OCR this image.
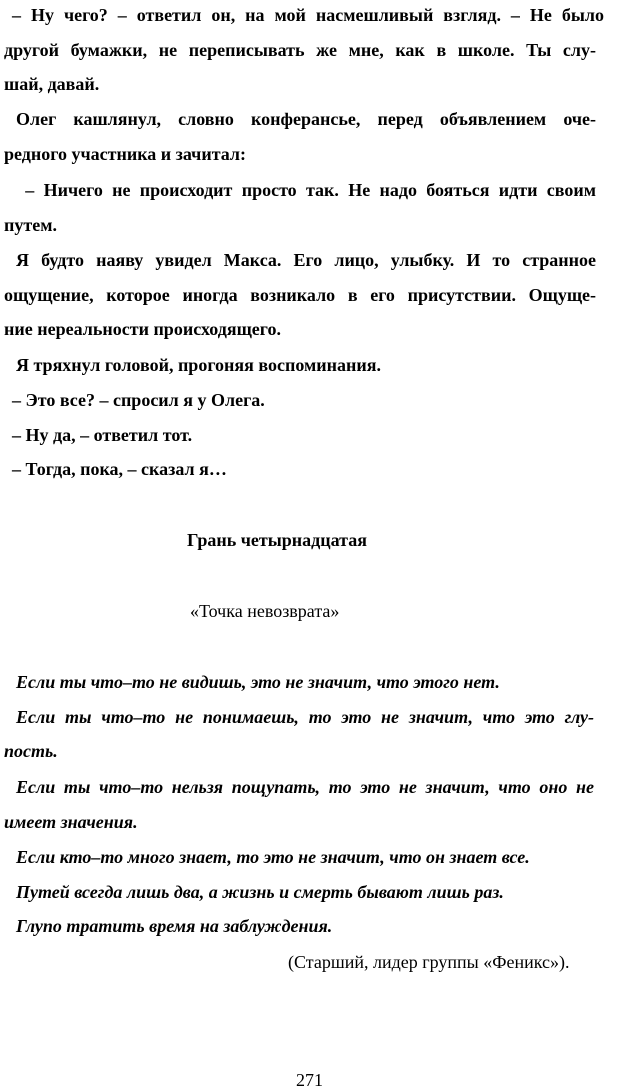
– Ну чего? – ответил он, на мой насмешливый взгляд. – Не было
другой бумажки, не переписывать же мне, как в школе. Ты слу-
шай, давай.
Олег кашлянул, словно конферансье, перед объявлением оче-
редного участника и зачитал:
– Ничего не происходит просто так. Не надо бояться идти своим
путем.
Я будто наяву увидел Макса. Его лицо, улыбку. И то странное
ощущение, которое иногда возникало в его присутствии. Ощуще-
ние нереальности происходящего.
Я тряхнул головой, прогоняя воспоминания.
– Это все? – спросил я у Олега.
– Ну да, – ответил тот.
– Тогда, пока, – сказал я…
Грань четырнадцатая
«Точка невозврата»
Если ты что–то не видишь, это не значит, что этого нет.
Если ты что–то не понимаешь, то это не значит, что это глу-
пость.
Если ты что–то нельзя пощупать, то это не значит, что оно не
имеет значения.
Если кто–то много знает, то это не значит, что он знает все.
Путей всегда лишь два, а жизнь и смерть бывают лишь раз.
Глупо тратить время на заблуждения.
(Старший, лидер группы «Феникс»).
271
